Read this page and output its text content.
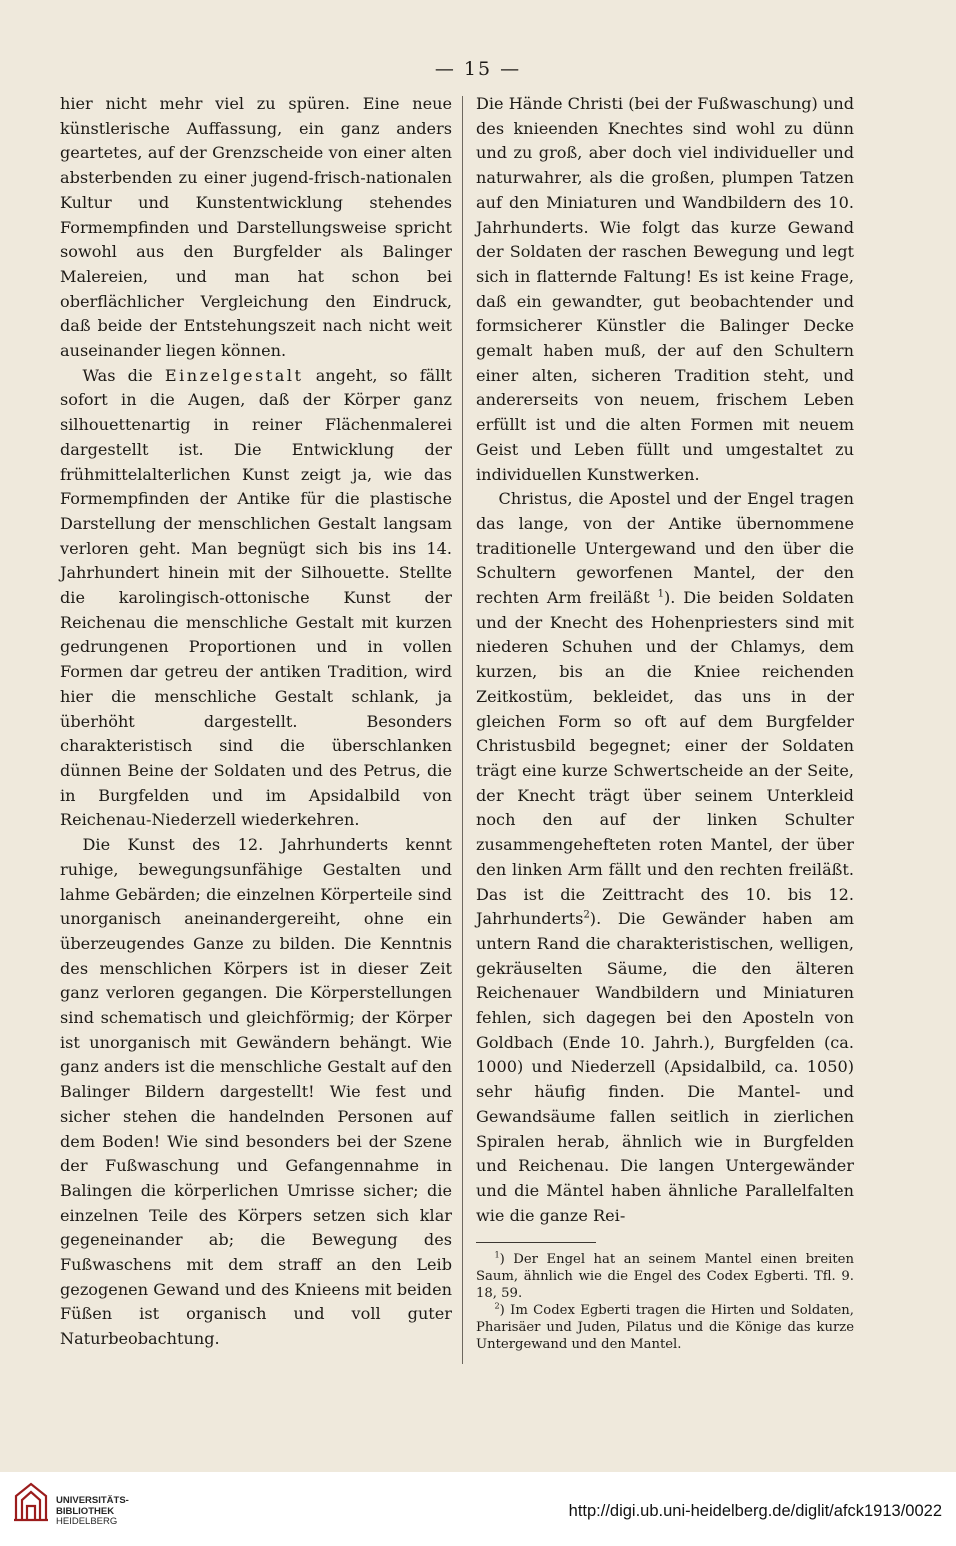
— 15 —

hier nicht mehr viel zu spüren. Eine neue künstlerische Auffassung, ein ganz anders geartetes, auf der Grenzscheide von einer alten absterbenden zu einer jugend-frisch-nationalen Kultur und Kunstentwicklung stehendes Formempfinden und Darstellungsweise spricht sowohl aus den Burgfelder als Balinger Malereien, und man hat schon bei oberflächlicher Vergleichung den Eindruck, daß beide der Entstehungszeit nach nicht weit auseinander liegen können.

Was die Einzelgestalt angeht, so fällt sofort in die Augen, daß der Körper ganz silhouettenartig in reiner Flächenmalerei dargestellt ist. Die Entwicklung der frühmittelalterlichen Kunst zeigt ja, wie das Formempfinden der Antike für die plastische Darstellung der menschlichen Gestalt langsam verloren geht. Man begnügt sich bis ins 14. Jahrhundert hinein mit der Silhouette. Stellte die karolingisch-ottonische Kunst der Reichenau die menschliche Gestalt mit kurzen gedrungenen Proportionen und in vollen Formen dar getreu der antiken Tradition, wird hier die menschliche Gestalt schlank, ja überhöht dargestellt. Besonders charakteristisch sind die überschlanken dünnen Beine der Soldaten und des Petrus, die in Burgfelden und im Apsidalbild von Reichenau-Niederzell wiederkehren.

Die Kunst des 12. Jahrhunderts kennt ruhige, bewegungsunfähige Gestalten und lahme Gebärden; die einzelnen Körperteile sind unorganisch aneinandergereiht, ohne ein überzeugendes Ganze zu bilden. Die Kenntnis des menschlichen Körpers ist in dieser Zeit ganz verloren gegangen. Die Körperstellungen sind schematisch und gleichförmig; der Körper ist unorganisch mit Gewändern behängt. Wie ganz anders ist die menschliche Gestalt auf den Balinger Bildern dargestellt! Wie fest und sicher stehen die handelnden Personen auf dem Boden! Wie sind besonders bei der Szene der Fußwaschung und Gefangennahme in Balingen die körperlichen Umrisse sicher; die einzelnen Teile des Körpers setzen sich klar gegeneinander ab; die Bewegung des Fußwaschens mit dem straff an den Leib gezogenen Gewand und des Knieens mit beiden Füßen ist organisch und voll guter Naturbeobachtung.

Die Hände Christi (bei der Fußwaschung) und des knieenden Knechtes sind wohl zu dünn und zu groß, aber doch viel individueller und naturwahrer, als die großen, plumpen Tatzen auf den Miniaturen und Wandbildern des 10. Jahrhunderts. Wie folgt das kurze Gewand der Soldaten der raschen Bewegung und legt sich in flatternde Faltung! Es ist keine Frage, daß ein gewandter, gut beobachtender und formsicherer Künstler die Balinger Decke gemalt haben muß, der auf den Schultern einer alten, sicheren Tradition steht, und andererseits von neuem, frischem Leben erfüllt ist und die alten Formen mit neuem Geist und Leben füllt und umgestaltet zu individuellen Kunstwerken.

Christus, die Apostel und der Engel tragen das lange, von der Antike übernommene traditionelle Untergewand und den über die Schultern geworfenen Mantel, der den rechten Arm freiläßt $^1$). Die beiden Soldaten und der Knecht des Hohenpriesters sind mit niederen Schuhen und der Chlamys, dem kurzen, bis an die Kniee reichenden Zeitkostüm, bekleidet, das uns in der gleichen Form so oft auf dem Burgfelder Christusbild begegnet; einer der Soldaten trägt eine kurze Schwertscheide an der Seite, der Knecht trägt über seinem Unterkleid noch den auf der linken Schulter zusammengehefteten roten Mantel, der über den linken Arm fällt und den rechten freiläßt. Das ist die Zeittracht des 10. bis 12. Jahrhunderts$^2$). Die Gewänder haben am untern Rand die charakteristischen, welligen, gekräuselten Säume, die den älteren Reichenauer Wandbildern und Miniaturen fehlen, sich dagegen bei den Aposteln von Goldbach (Ende 10. Jahrh.), Burgfelden (ca. 1000) und Niederzell (Apsidalbild, ca. 1050) sehr häufig finden. Die Mantel- und Gewandsäume fallen seitlich in zierlichen Spiralen herab, ähnlich wie in Burgfelden und Reichenau. Die langen Untergewänder und die Mäntel haben ähnliche Parallelfalten wie die ganze Rei-

$^1$) Der Engel hat an seinem Mantel einen breiten Saum, ähnlich wie die Engel des Codex Egberti. Tfl. 9. 18, 59.

$^2$) Im Codex Egberti tragen die Hirten und Soldaten, Pharisäer und Juden, Pilatus und die Könige das kurze Untergewand und den Mantel.

UNIVERSITÄTS-
BIBLIOTHEK
HEIDELBERG
http://digi.ub.uni-heidelberg.de/diglit/afck1913/0022
